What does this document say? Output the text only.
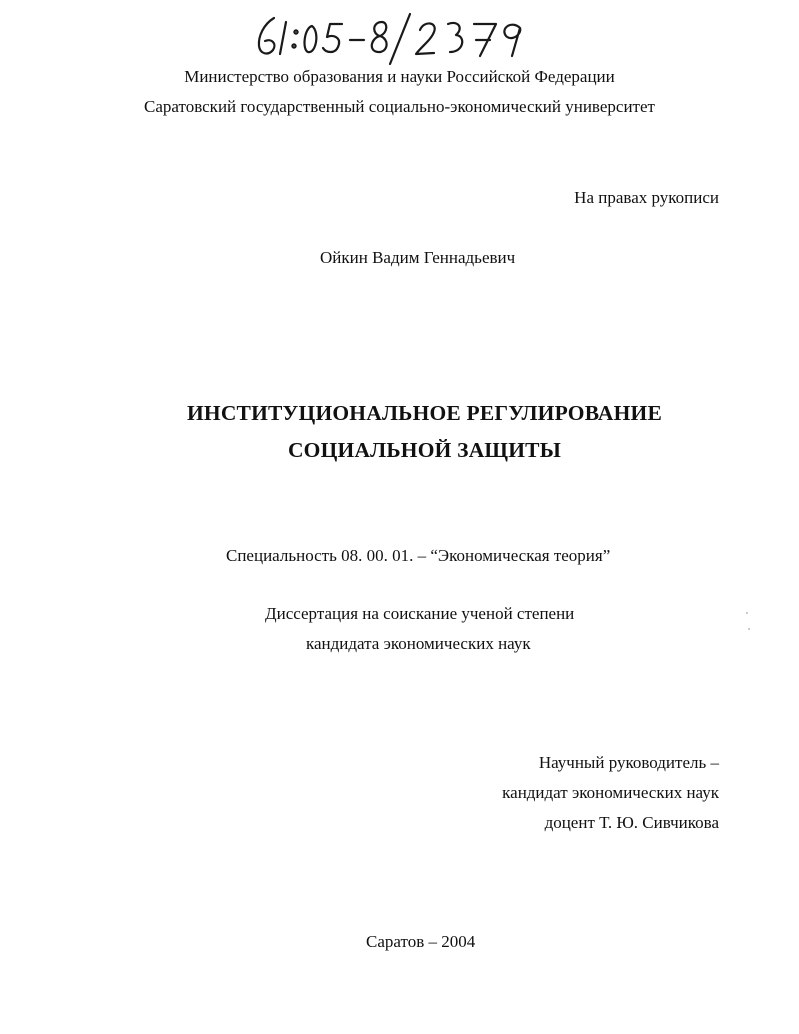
Министерство образования и науки Российской Федерации
Саратовский государственный социально-экономический университет
На правах рукописи
Ойкин Вадим Геннадьевич
ИНСТИТУЦИОНАЛЬНОЕ РЕГУЛИРОВАНИЕ
СОЦИАЛЬНОЙ ЗАЩИТЫ
Специальность 08. 00. 01. – “Экономическая теория”
Диссертация на соискание ученой степени
кандидата экономических наук
Научный руководитель –
кандидат экономических наук
доцент Т. Ю. Сивчикова
Саратов – 2004
